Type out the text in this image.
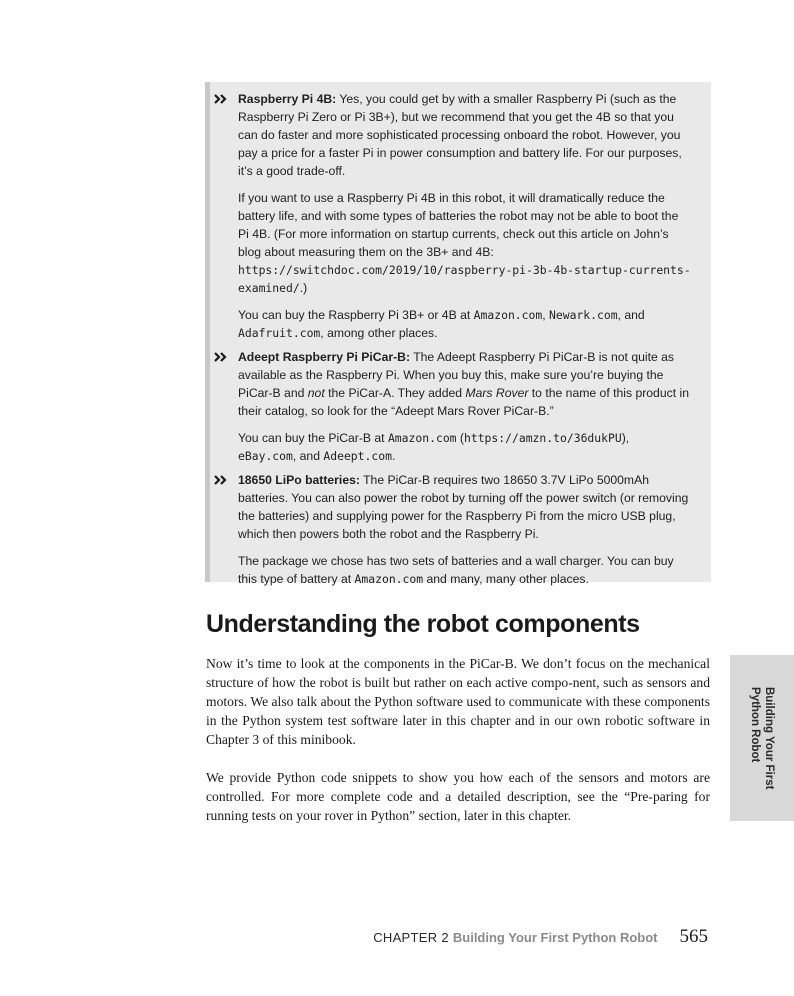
Raspberry Pi 4B: Yes, you could get by with a smaller Raspberry Pi (such as the Raspberry Pi Zero or Pi 3B+), but we recommend that you get the 4B so that you can do faster and more sophisticated processing onboard the robot. However, you pay a price for a faster Pi in power consumption and battery life. For our purposes, it’s a good trade-off.

If you want to use a Raspberry Pi 4B in this robot, it will dramatically reduce the battery life, and with some types of batteries the robot may not be able to boot the Pi 4B. (For more information on startup currents, check out this article on John’s blog about measuring them on the 3B+ and 4B: https://switchdoc.com/2019/10/raspberry-pi-3b-4b-startup-currents-examined/.)

You can buy the Raspberry Pi 3B+ or 4B at Amazon.com, Newark.com, and Adafruit.com, among other places.

Adeept Raspberry Pi PiCar-B: The Adeept Raspberry Pi PiCar-B is not quite as available as the Raspberry Pi. When you buy this, make sure you’re buying the PiCar-B and not the PiCar-A. They added Mars Rover to the name of this product in their catalog, so look for the “Adeept Mars Rover PiCar-B.”

You can buy the PiCar-B at Amazon.com (https://amzn.to/36dukPU),
eBay.com, and Adeept.com.

18650 LiPo batteries: The PiCar-B requires two 18650 3.7V LiPo 5000mAh batteries. You can also power the robot by turning off the power switch (or removing the batteries) and supplying power for the Raspberry Pi from the micro USB plug, which then powers both the robot and the Raspberry Pi.

The package we chose has two sets of batteries and a wall charger. You can buy this type of battery at Amazon.com and many, many other places.

Understanding the robot components

Now it’s time to look at the components in the PiCar-B. We don’t focus on the mechanical structure of how the robot is built but rather on each active compo-nent, such as sensors and motors. We also talk about the Python software used to communicate with these components in the Python system test software later in this chapter and in our own robotic software in Chapter 3 of this minibook.

We provide Python code snippets to show you how each of the sensors and motors are controlled. For more complete code and a detailed description, see the “Pre-paring for running tests on your rover in Python” section, later in this chapter.

Building Your First
Python Robot
CHAPTER 2 Building Your First Python Robot 565
